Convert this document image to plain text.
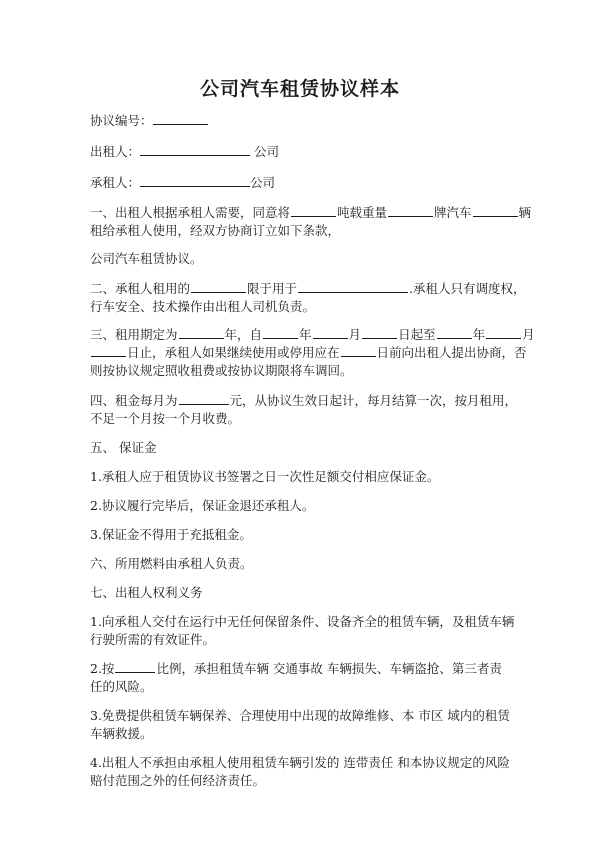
公司汽车租赁协议样本
协议编号：
出租人：	公司
承租人：	公司
一、出租人根据承租人需要，同意将	吨载重量	牌汽车	辆
租给承租人使用，经双方协商订立如下条款，
公司汽车租赁协议。
二、承租人租用的	限于用于	.承租人只有调度权，
行车安全、技术操作由出租人司机负责。
三、租用期定为	年，自	年	月	日起至	年	月
日止，承租人如果继续使用或停用应在	日前向出租人提出协商，否
则按协议规定照收租费或按协议期限将车调回。
四、租金每月为	元，从协议生效日起计，每月结算一次，按月租用，
不足一个月按一个月收费。
五、 保证金
1.承租人应于租赁协议书签署之日一次性足额交付相应保证金。
2.协议履行完毕后，保证金退还承租人。
3.保证金不得用于充抵租金。
六、所用燃料由承租人负责。
七、出租人权利义务
1.向承租人交付在运行中无任何保留条件、设备齐全的租赁车辆，及租赁车辆
行驶所需的有效证件。
2.按	比例，承担租赁车辆 交通事故 车辆损失、车辆盗抢、第三者责
任的风险。
3.免费提供租赁车辆保养、合理使用中出现的故障维修、本 市区 域内的租赁
车辆救援。
4.出租人不承担由承租人使用租赁车辆引发的 连带责任 和本协议规定的风险
赔付范围之外的任何经济责任。
